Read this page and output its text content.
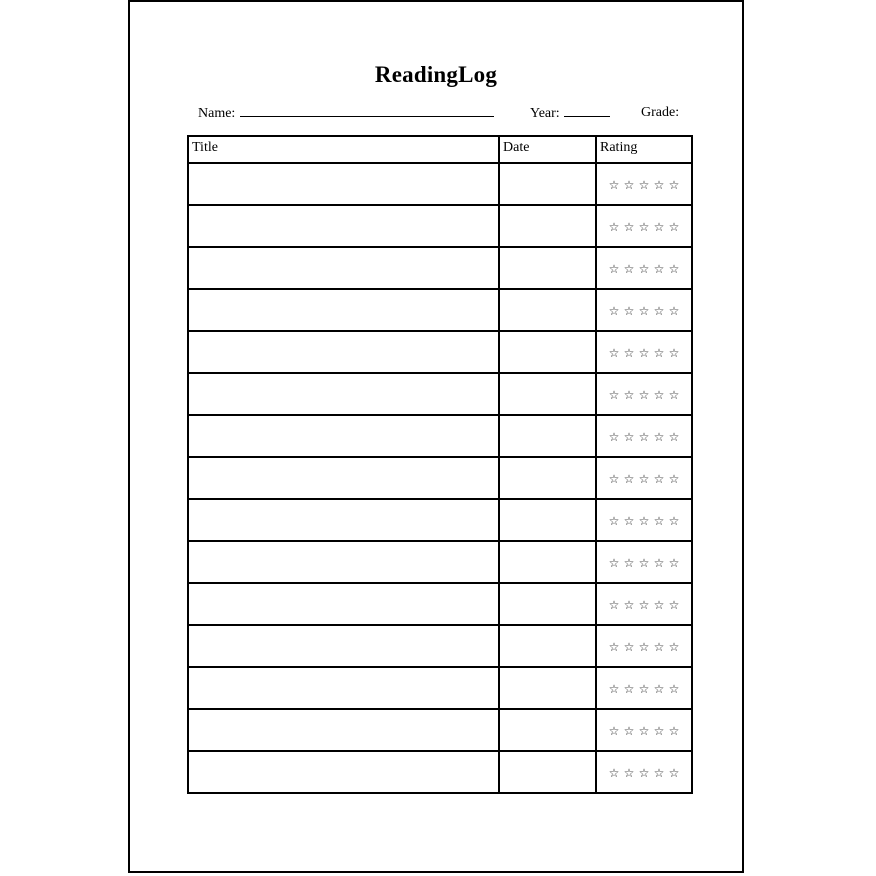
ReadingLog
Name:	Year:	Grade:
Title	Date	Rating

		☆ ☆ ☆ ☆ ☆

		☆ ☆ ☆ ☆ ☆

		☆ ☆ ☆ ☆ ☆

		☆ ☆ ☆ ☆ ☆

		☆ ☆ ☆ ☆ ☆

		☆ ☆ ☆ ☆ ☆

		☆ ☆ ☆ ☆ ☆

		☆ ☆ ☆ ☆ ☆

		☆ ☆ ☆ ☆ ☆

		☆ ☆ ☆ ☆ ☆

		☆ ☆ ☆ ☆ ☆

		☆ ☆ ☆ ☆ ☆

		☆ ☆ ☆ ☆ ☆

		☆ ☆ ☆ ☆ ☆

		☆ ☆ ☆ ☆ ☆
